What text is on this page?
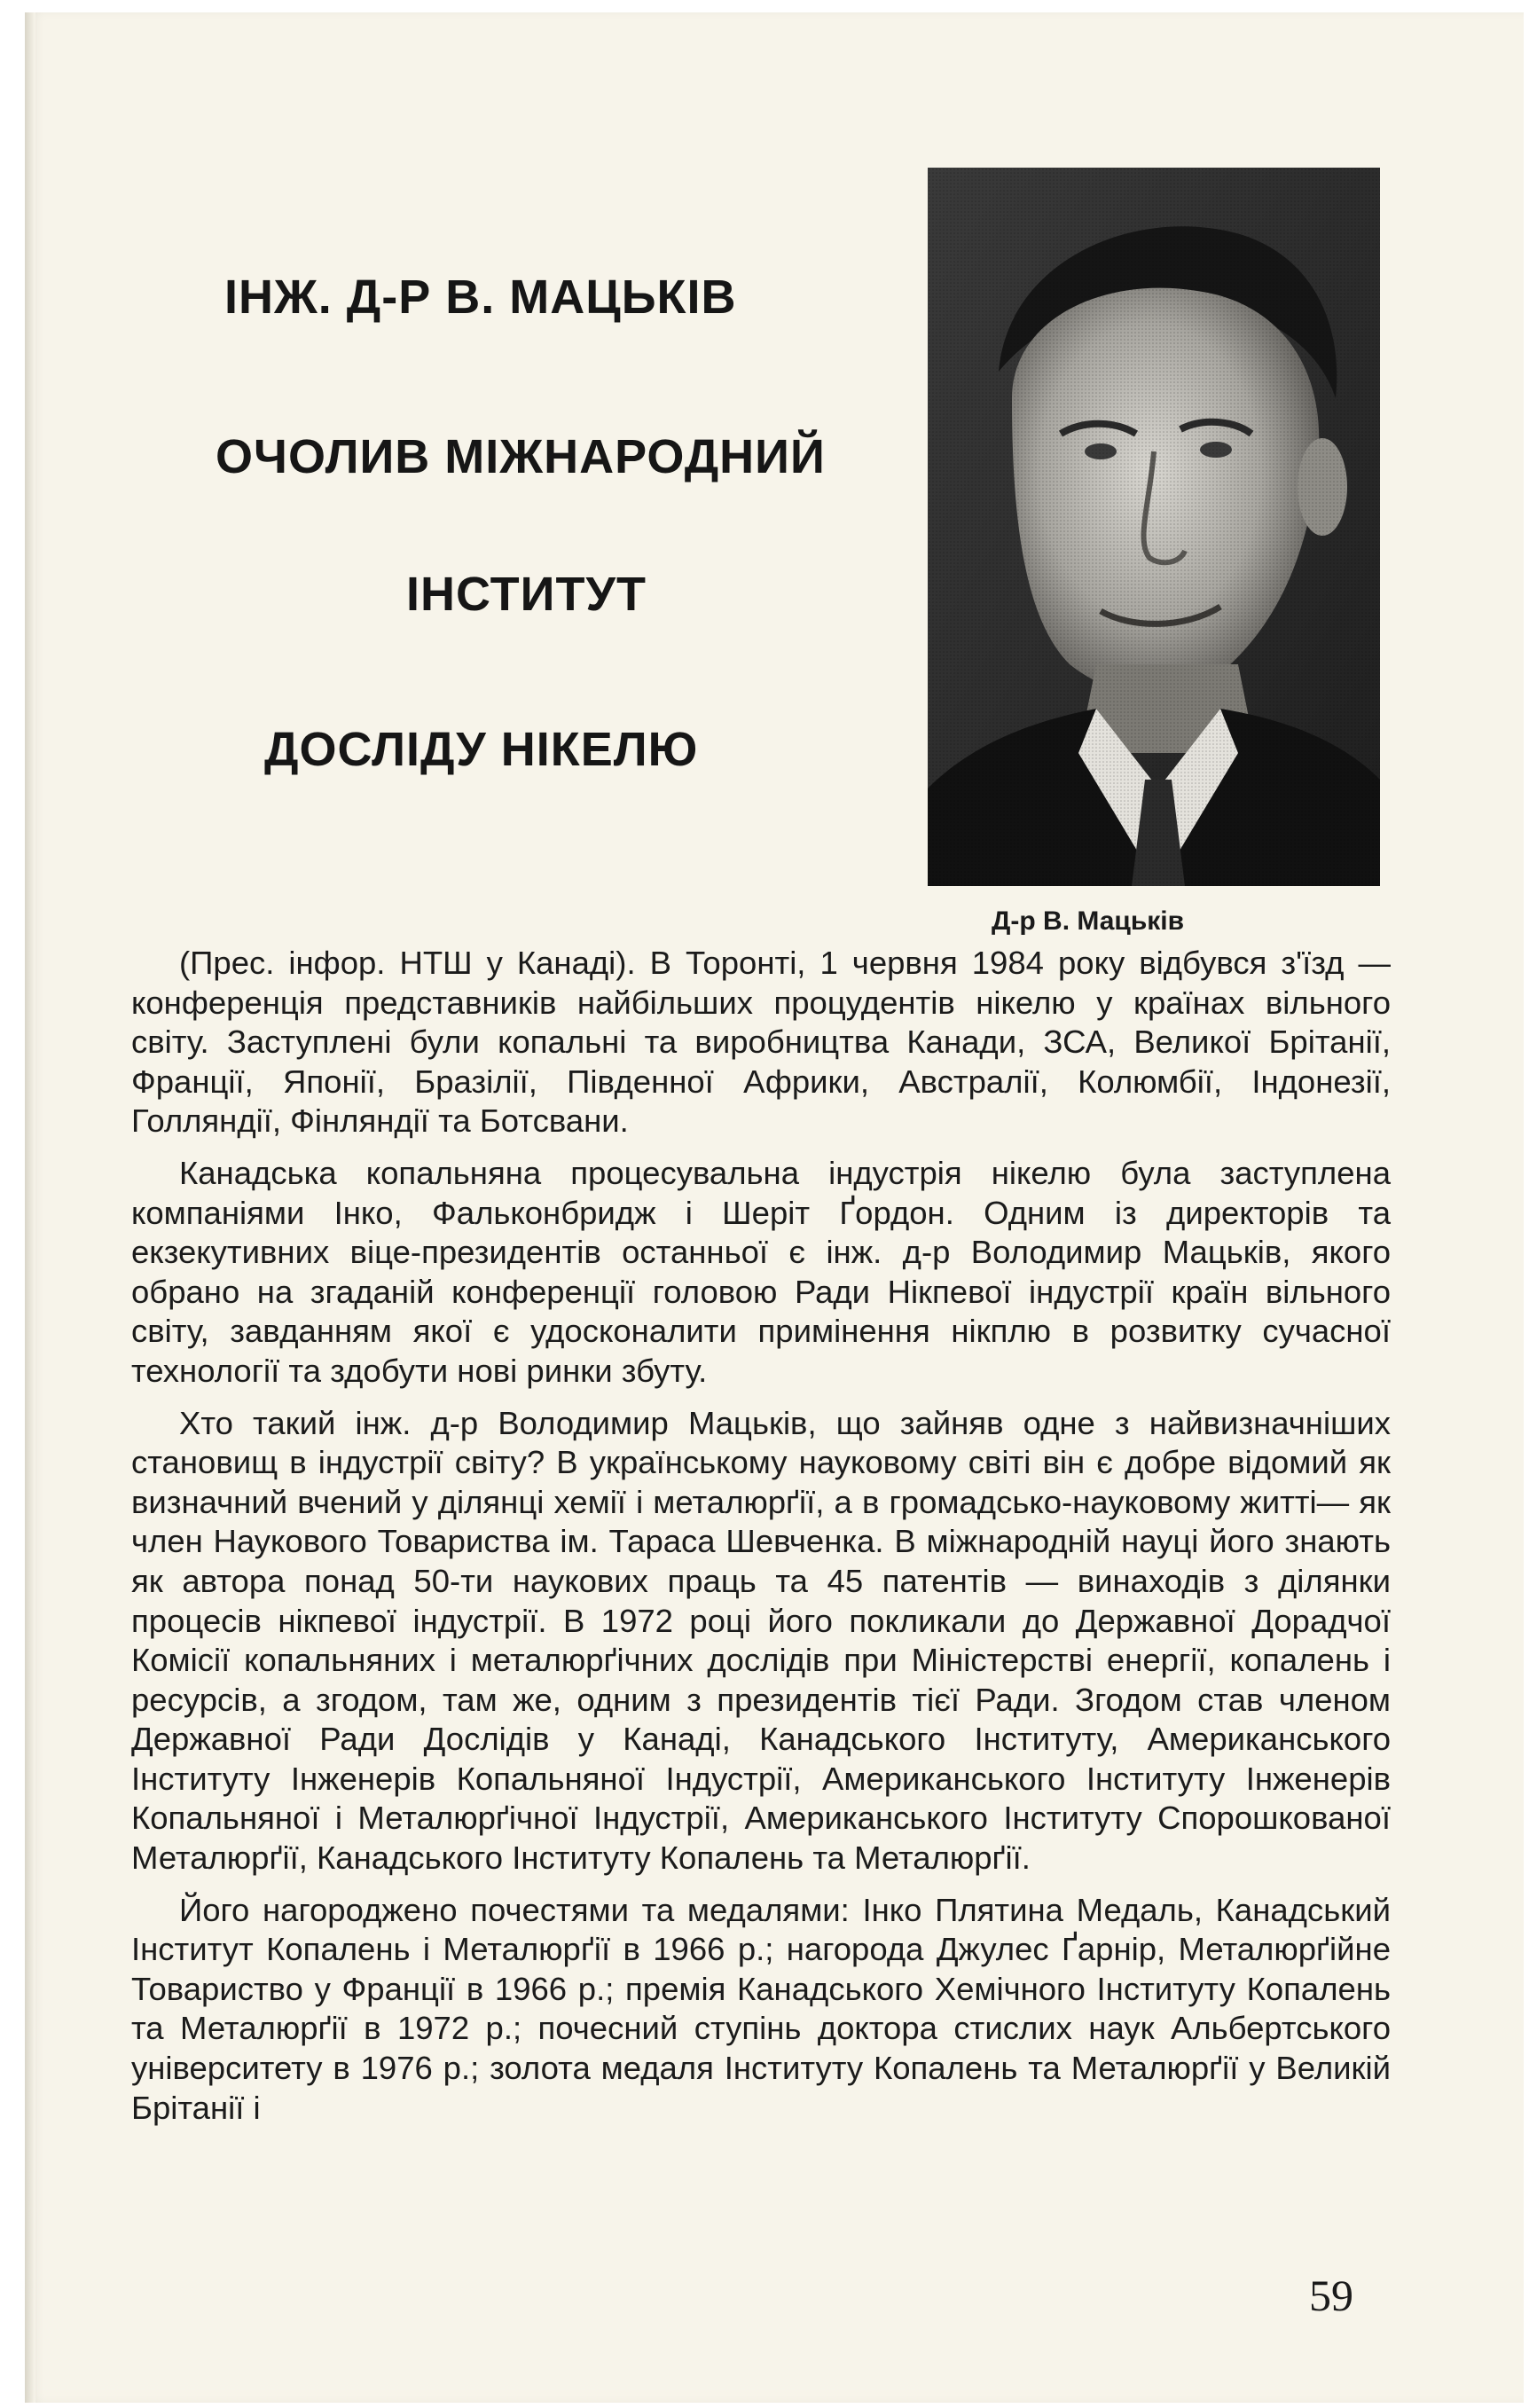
ІНЖ. Д-Р В. МАЦЬКІВ
ОЧОЛИВ МІЖНАРОДНИЙ
ІНСТИТУТ
ДОСЛІДУ НІКЕЛЮ

Д-р В. Мацьків

(Прес. інфор. НТШ у Канаді). В Торонті, 1 червня 1984 року відбувся з'їзд — конференція представників найбільших процудентів нікелю у країнах вільного світу. Заступлені були копальні та виробництва Канади, ЗСА, Великої Брітанії, Франції, Японії, Бразілії, Південної Африки, Австралії, Колюмбії, Індонезії, Голляндії, Фінляндії та Ботсвани.

Канадська копальняна процесувальна індустрія нікелю була заступлена компаніями Інко, Фальконбридж і Шеріт Ґордон. Одним із директорів та екзекутивних віце-президентів останньої є інж. д-р Володимир Мацьків, якого обрано на згаданій конференції головою Ради Нікпевої індустрії країн вільного світу, завданням якої є удосконалити примінення нікплю в розвитку сучасної технології та здобути нові ринки збуту.

Хто такий інж. д-р Володимир Мацьків, що зайняв одне з найвизначніших становищ в індустрії світу? В українському науковому світі він є добре відомий як визначний вчений у ділянці хемії і металюрґії, а в громадсько-науковому житті— як член Наукового Товариства ім. Тараса Шевченка. В міжнародній науці його знають як автора понад 50-ти наукових праць та 45 патентів — винаходів з ділянки процесів нікпевої індустрії. В 1972 році його покликали до Державної Дорадчої Комісії копальняних і металюрґічних дослідів при Міністерстві енергії, копалень і ресурсів, а згодом, там же, одним з президентів тієї Ради. Згодом став членом Державної Ради Дослідів у Канаді, Канадського Інституту, Американського Інституту Інженерів Копальняної Індустрії, Американського Інституту Інженерів Копальняної і Металюрґічної Індустрії, Американського Інституту Спорошкованої Металюрґії, Канадського Інституту Копалень та Металюрґії.

Його нагороджено почестями та медалями: Інко Плятина Медаль, Канадський Інститут Копалень і Металюрґії в 1966 р.; нагорода Джулес Ґарнір, Металюрґійне Товариство у Франції в 1966 р.; премія Канадського Хемічного Інституту Копалень та Металюрґії в 1972 р.; почесний ступінь доктора стислих наук Альбертського університету в 1976 р.; золота медаля Інституту Копалень та Металюрґії у Великій Брітанії і

59
